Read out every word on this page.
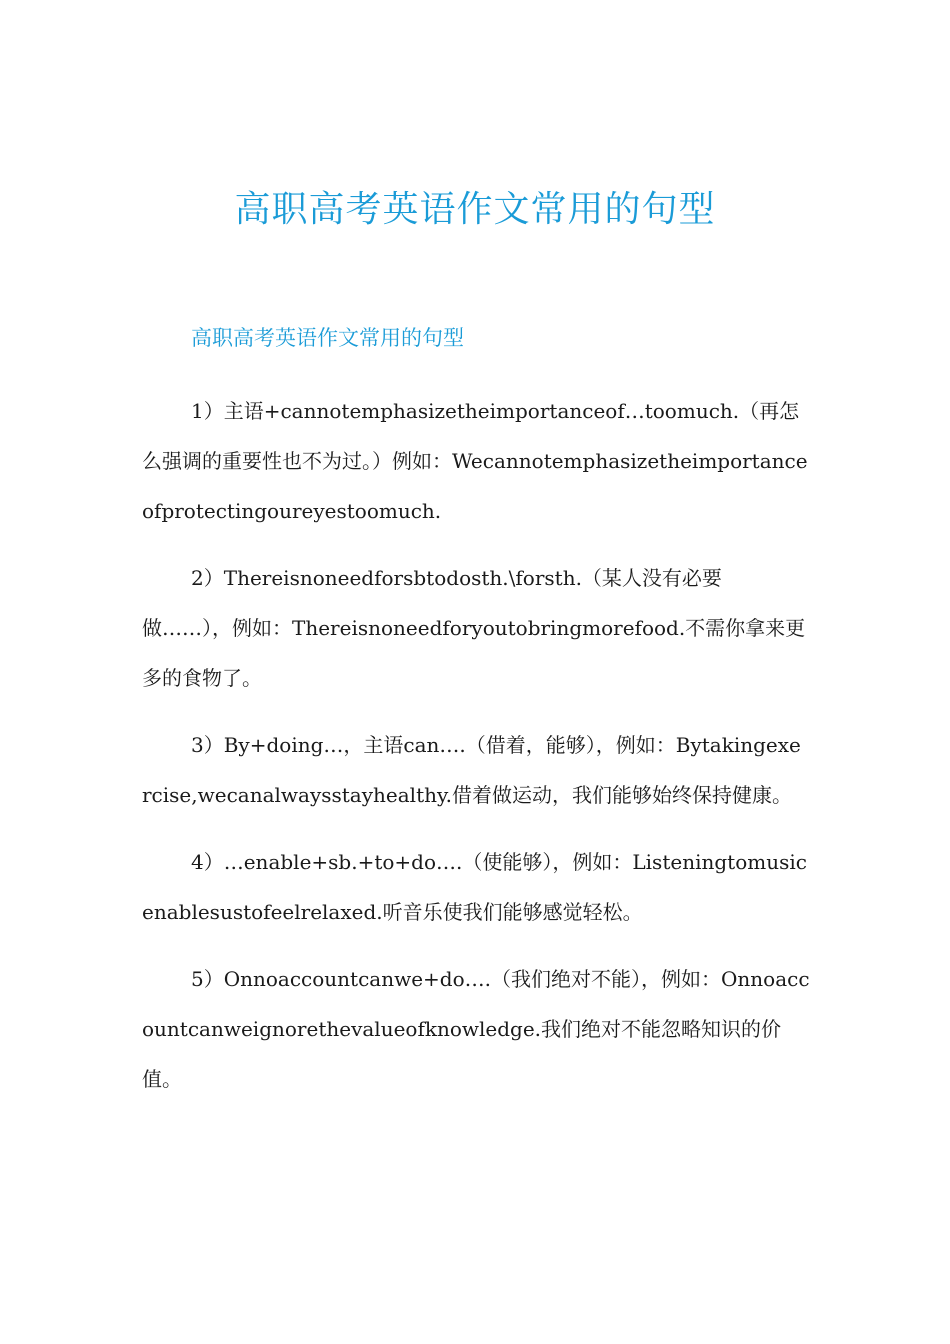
高职高考英语作文常用的句型
高职高考英语作文常用的句型

1）主语+cannotemphasizetheimportanceof…toomuch.（再怎么强调的重要性也不为过。）例如：Wecannotemphasizetheimportanceofprotectingoureyestoomuch.

2）Thereisnoneedforsbtodosth.\forsth.（某人没有必要做……），例如：Thereisnoneedforyoutobringmorefood.不需你拿来更多的食物了。

3）By+doing…，主语can….（借着，能够），例如：Bytakingexercise,wecanalwaysstayhealthy.借着做运动，我们能够始终保持健康。

4）…enable+sb.+to+do….（使能够），例如：Listeningtomusicenablesustofeelrelaxed.听音乐使我们能够感觉轻松。

5）Onnoaccountcanwe+do….（我们绝对不能），例如：Onnoaccountcanweignorethevalueofknowledge.我们绝对不能忽略知识的价值。
